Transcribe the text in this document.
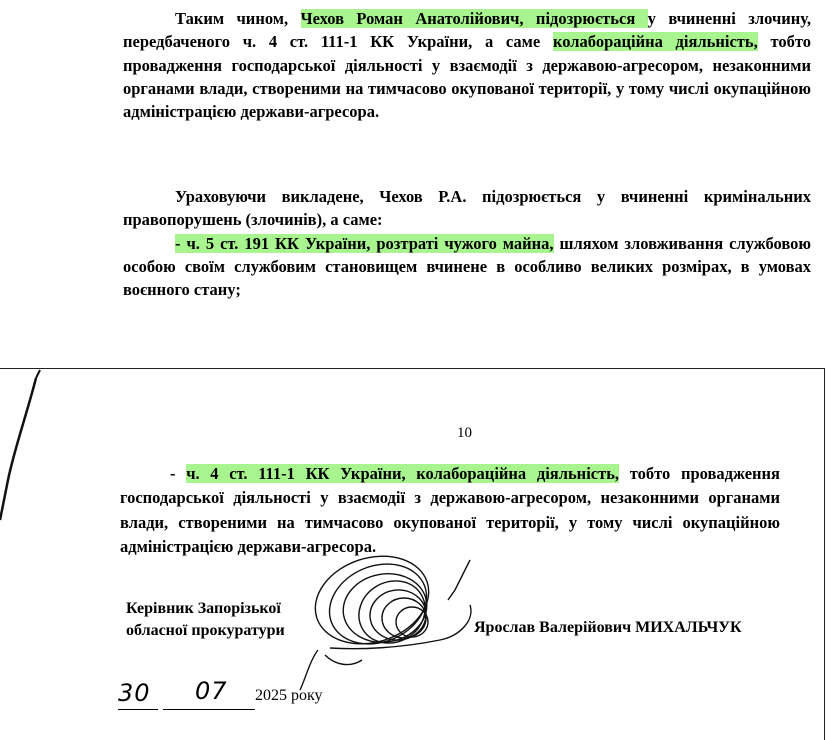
Таким чином, Чехов Роман Анатолійович, підозрюється у вчиненні злочину, передбаченого ч. 4 ст. 111-1 КК України, а саме колабораційна діяльність, тобто провадження господарської діяльності у взаємодії з державою-агресором, незаконними органами влади, створеними на тимчасово окупованої території, у тому числі окупаційною адміністрацією держави-агресора.
Ураховуючи викладене, Чехов Р.А. підозрюється у вчиненні кримінальних правопорушень (злочинів), а саме:
- ч. 5 ст. 191 КК України, розтраті чужого майна, шляхом зловживання службовою особою своїм службовим становищем вчинене в особливо великих розмірах, в умовах воєнного стану;
10
- ч. 4 ст. 111-1 КК України, колабораційна діяльність, тобто провадження господарської діяльності у взаємодії з державою-агресором, незаконними органами влади, створеними на тимчасово окупованої території, у тому числі окупаційною адміністрацією держави-агресора.
Керівник Запорізької
обласної прокуратури	Ярослав Валерійович МИХАЛЬЧУК
30 07 2025 року
